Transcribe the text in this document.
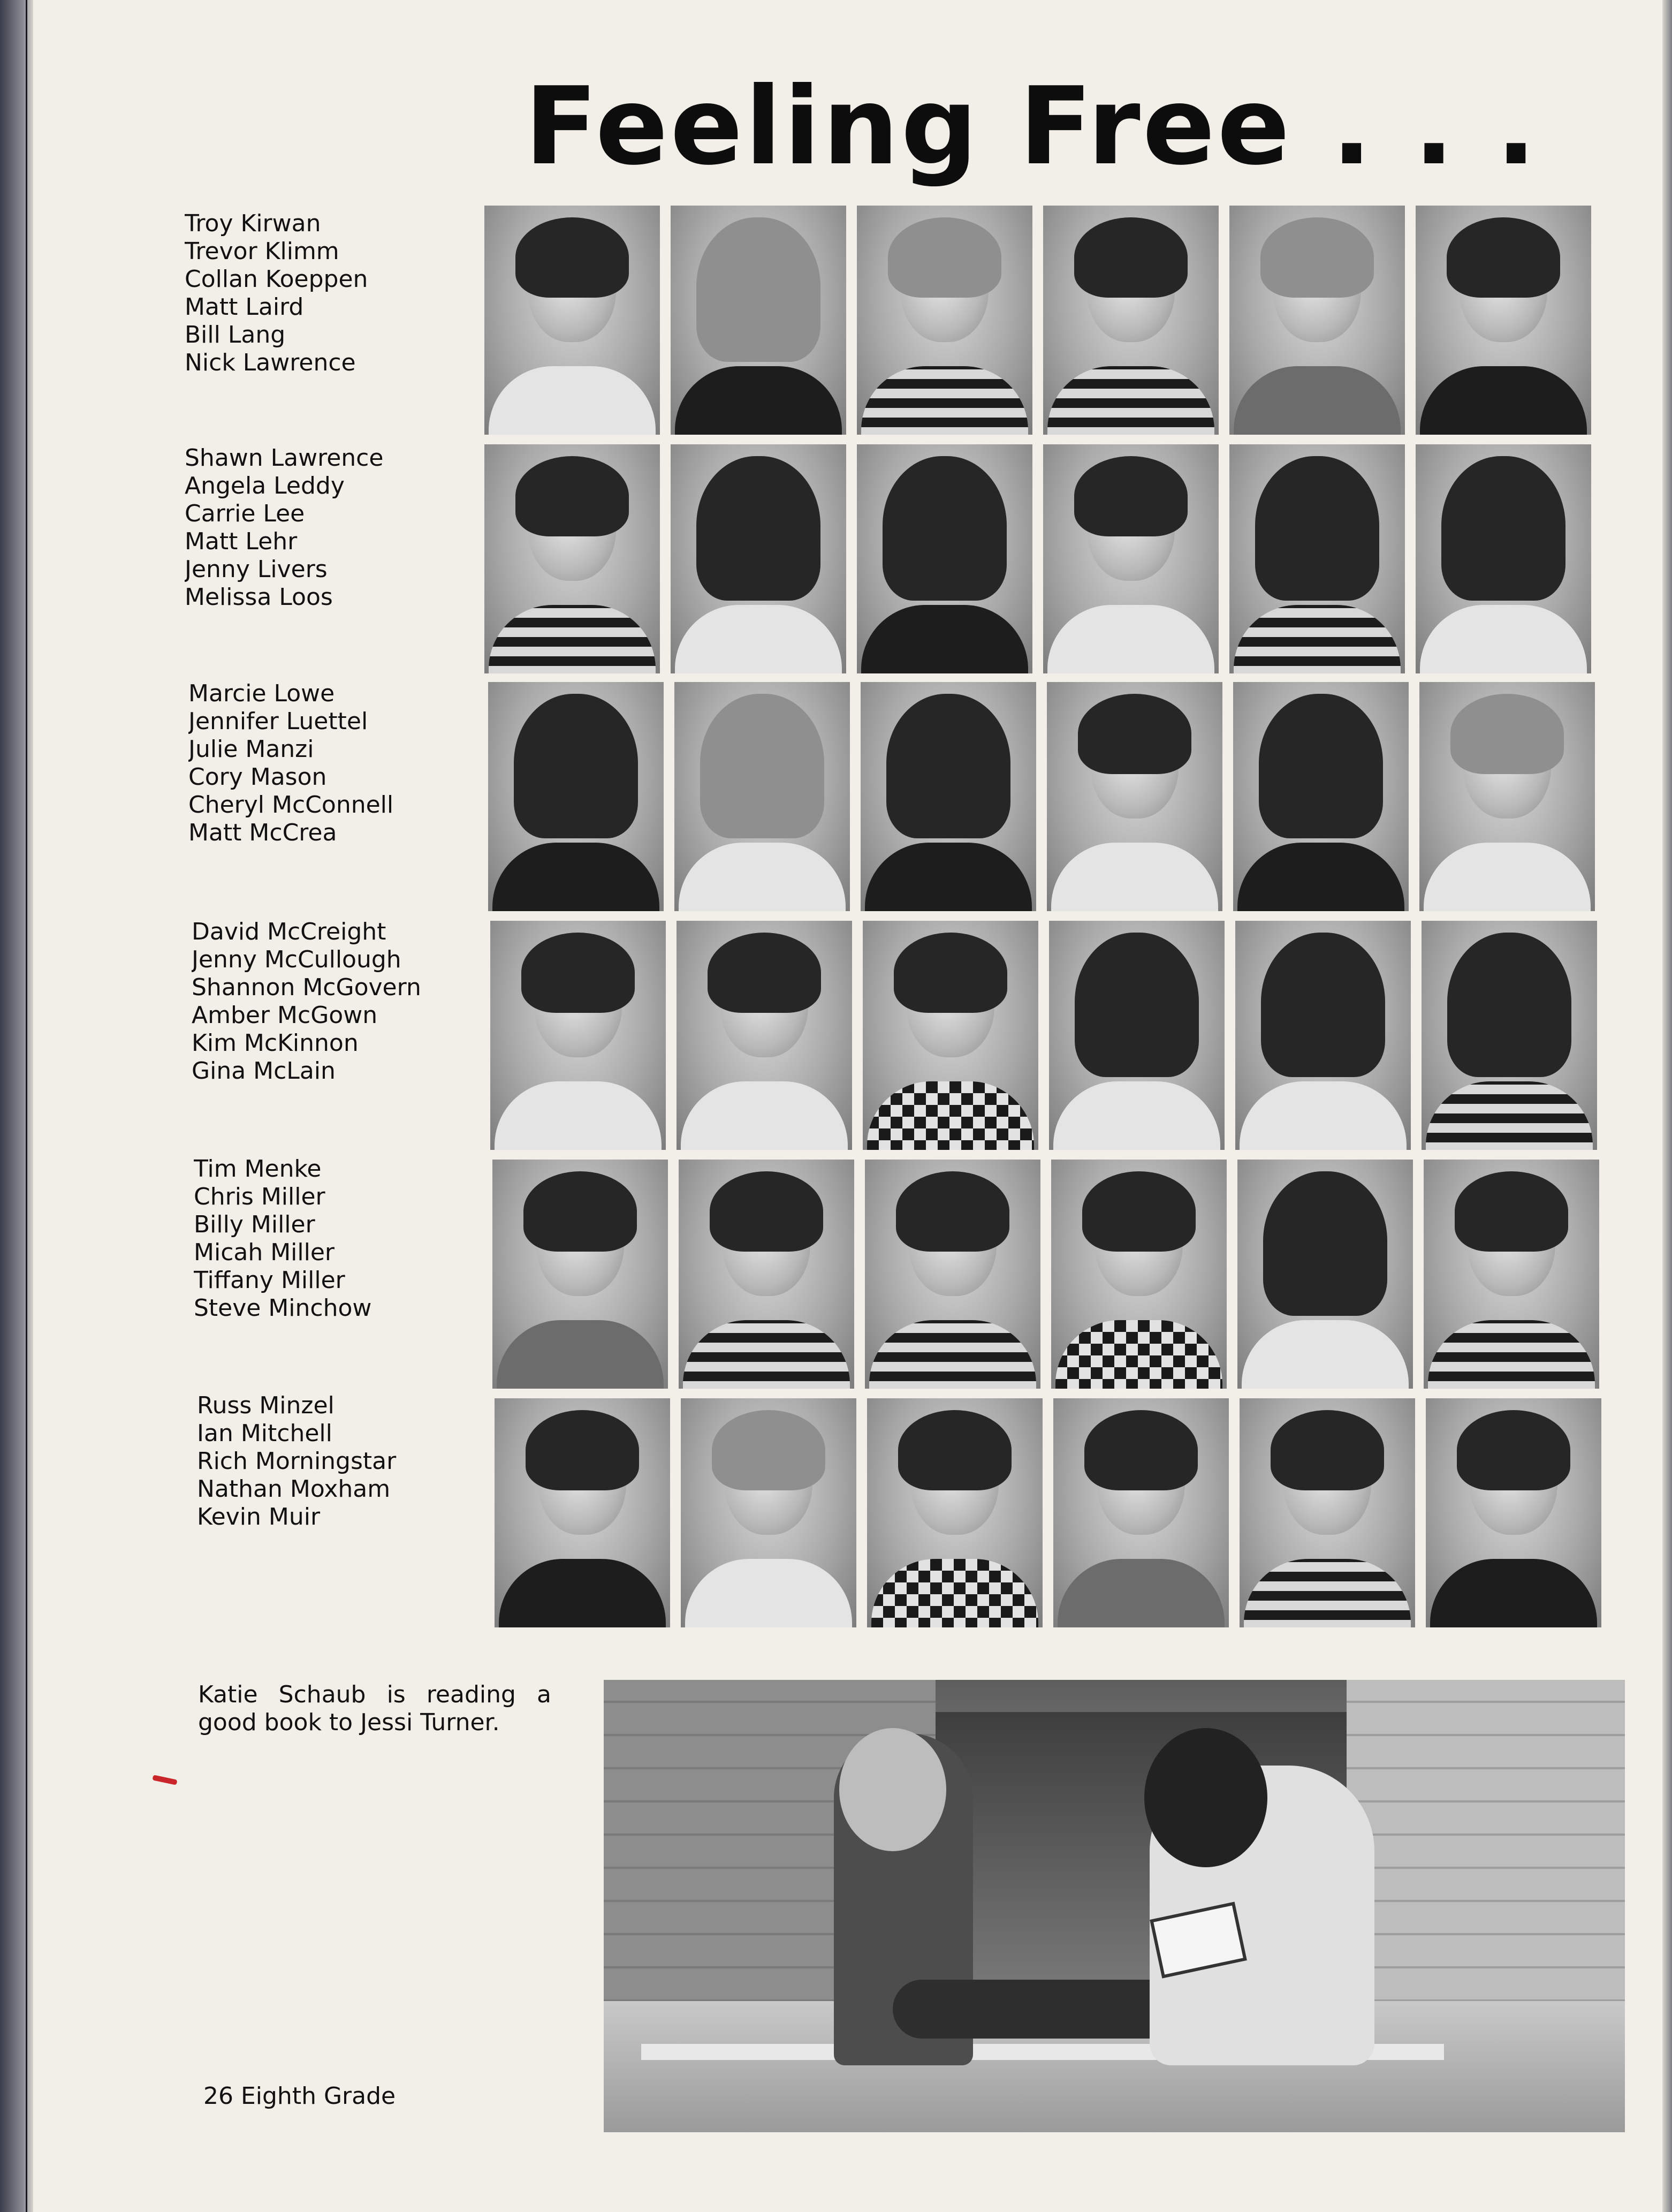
Feeling Free . . .
Troy Kirwan
Trevor Klimm
Collan Koeppen
Matt Laird
Bill Lang
Nick Lawrence
Shawn Lawrence
Angela Leddy
Carrie Lee
Matt Lehr
Jenny Livers
Melissa Loos
Marcie Lowe
Jennifer Luettel
Julie Manzi
Cory Mason
Cheryl McConnell
Matt McCrea
David McCreight
Jenny McCullough
Shannon McGovern
Amber McGown
Kim McKinnon
Gina McLain
Tim Menke
Chris Miller
Billy Miller
Micah Miller
Tiffany Miller
Steve Minchow
Russ Minzel
Ian Mitchell
Rich Morningstar
Nathan Moxham
Kevin Muir
Katie Schaub is reading a
good book to Jessi Turner.
26 Eighth Grade
